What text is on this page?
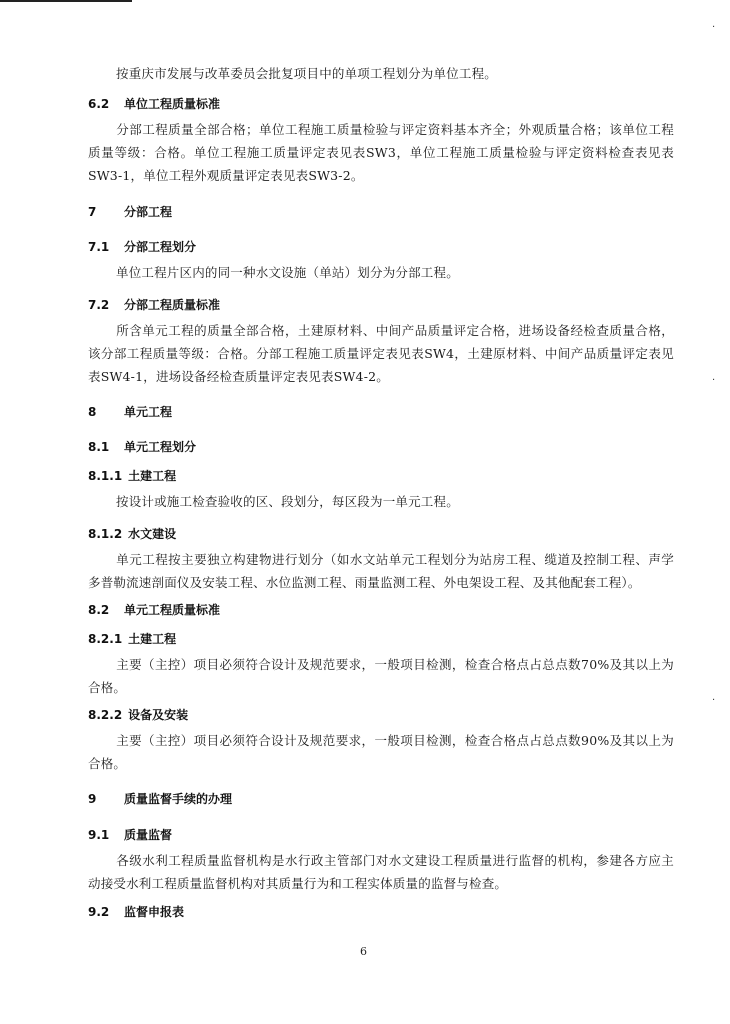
·
·
·
按重庆市发展与改革委员会批复项目中的单项工程划分为单位工程。
6.2 单位工程质量标准
分部工程质量全部合格；单位工程施工质量检验与评定资料基本齐全；外观质量合格；该单位工程质量等级：合格。单位工程施工质量评定表见表SW3，单位工程施工质量检验与评定资料检查表见表SW3-1，单位工程外观质量评定表见表SW3-2。
7 分部工程
7.1 分部工程划分
单位工程片区内的同一种水文设施（单站）划分为分部工程。
7.2 分部工程质量标准
所含单元工程的质量全部合格，土建原材料、中间产品质量评定合格，进场设备经检查质量合格，该分部工程质量等级：合格。分部工程施工质量评定表见表SW4，土建原材料、中间产品质量评定表见表SW4-1，进场设备经检查质量评定表见表SW4-2。
8 单元工程
8.1 单元工程划分
8.1.1 土建工程
按设计或施工检查验收的区、段划分，每区段为一单元工程。
8.1.2 水文建设
单元工程按主要独立构建物进行划分（如水文站单元工程划分为站房工程、缆道及控制工程、声学多普勒流速剖面仪及安装工程、水位监测工程、雨量监测工程、外电架设工程、及其他配套工程）。
8.2 单元工程质量标准
8.2.1 土建工程
主要（主控）项目必须符合设计及规范要求，一般项目检测，检查合格点占总点数70%及其以上为合格。
8.2.2 设备及安装
主要（主控）项目必须符合设计及规范要求，一般项目检测，检查合格点占总点数90%及其以上为合格。
9 质量监督手续的办理
9.1 质量监督
各级水利工程质量监督机构是水行政主管部门对水文建设工程质量进行监督的机构，参建各方应主动接受水利工程质量监督机构对其质量行为和工程实体质量的监督与检查。
9.2 监督申报表
6
